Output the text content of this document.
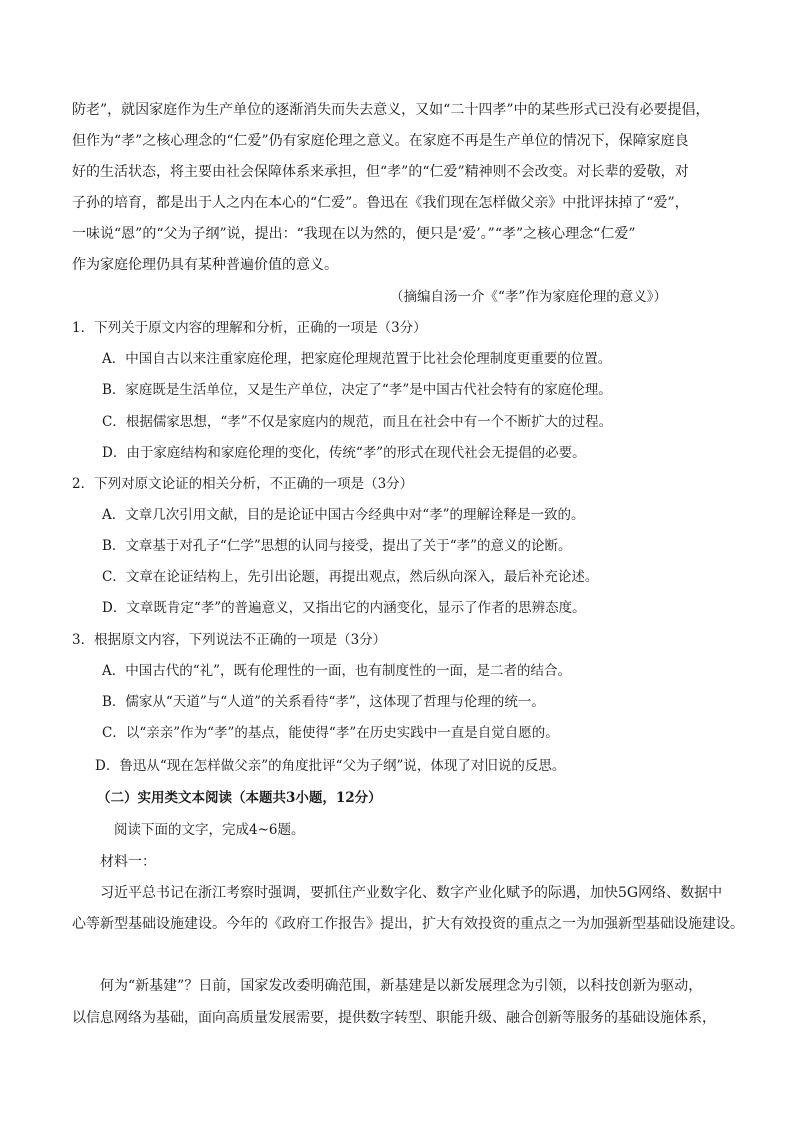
防老”，就因家庭作为生产单位的逐渐消失而失去意义，又如“二十四孝”中的某些形式已没有必要提倡，
但作为“孝”之核心理念的“仁爱”仍有家庭伦理之意义。在家庭不再是生产单位的情况下，保障家庭良
好的生活状态，将主要由社会保障体系来承担，但“孝”的“仁爱”精神则不会改变。对长辈的爱敬，对
子孙的培育，都是出于人之内在本心的“仁爱”。鲁迅在《我们现在怎样做父亲》中批评抹掉了“爱”，
一味说“恩”的“父为子纲”说，提出：“我现在以为然的，便只是‘爱’。”“孝”之核心理念“仁爱”
作为家庭伦理仍具有某种普遍价值的意义。
（摘编自汤一介《“孝”作为家庭伦理的意义》）
1．下列关于原文内容的理解和分析，正确的一项是（3分）
A．中国自古以来注重家庭伦理，把家庭伦理规范置于比社会伦理制度更重要的位置。
B．家庭既是生活单位，又是生产单位，决定了“孝”是中国古代社会特有的家庭伦理。
C．根据儒家思想，“孝”不仅是家庭内的规范，而且在社会中有一个不断扩大的过程。
D．由于家庭结构和家庭伦理的变化，传统“孝”的形式在现代社会无提倡的必要。
2．下列对原文论证的相关分析，不正确的一项是（3分）
A．文章几次引用文献，目的是论证中国古今经典中对“孝”的理解诠释是一致的。
B．文章基于对孔子“仁学”思想的认同与接受，提出了关于“孝”的意义的论断。
C．文章在论证结构上，先引出论题，再提出观点，然后纵向深入，最后补充论述。
D．文章既肯定“孝”的普遍意义，又指出它的内涵变化，显示了作者的思辨态度。
3．根据原文内容，下列说法不正确的一项是（3分）
A．中国古代的“礼”，既有伦理性的一面，也有制度性的一面，是二者的结合。
B．儒家从“天道”与“人道”的关系看待“孝”，这体现了哲理与伦理的统一。
C．以“亲亲”作为“孝”的基点，能使得“孝”在历史实践中一直是自觉自愿的。
D．鲁迅从“现在怎样做父亲”的角度批评“父为子纲”说，体现了对旧说的反思。
（二）实用类文本阅读（本题共3小题，12分）
阅读下面的文字，完成4~6题。
材料一：
习近平总书记在浙江考察时强调，要抓住产业数字化、数字产业化赋予的际遇，加快5G网络、数据中
心等新型基础设施建设。今年的《政府工作报告》提出，扩大有效投资的重点之一为加强新型基础设施建设。
何为“新基建”？日前，国家发改委明确范围，新基建是以新发展理念为引领，以科技创新为驱动，
以信息网络为基础，面向高质量发展需要，提供数字转型、职能升级、融合创新等服务的基础设施体系，
